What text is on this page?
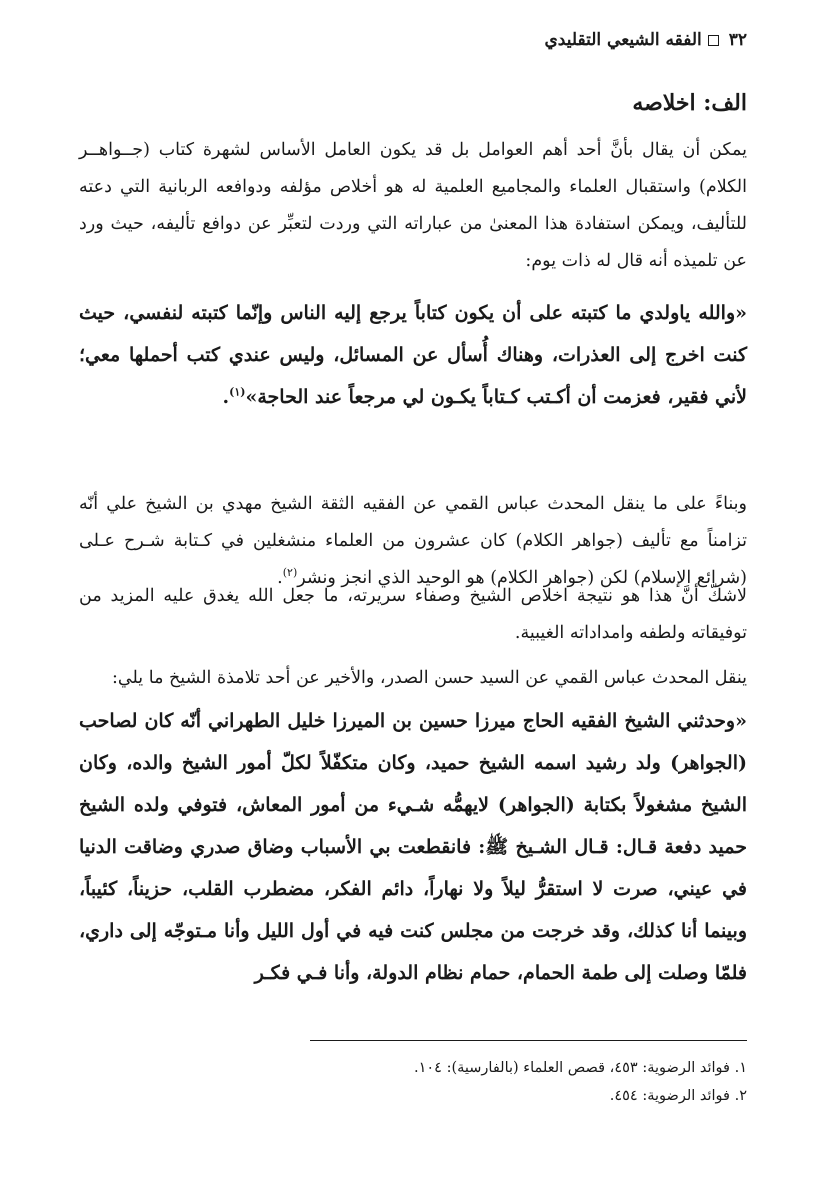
٣٢الفقه الشيعي التقليدي
الف: اخلاصه
يمكن أن يقال بأنَّ أحد أهم العوامل بل قد يكون العامل الأساس لشهرة كتاب (جــواهــر الكلام) واستقبال العلماء والمجاميع العلمية له هو أخلاص مؤلفه ودوافعه الربانية التي دعته للتأليف، ويمكن استفادة هذا المعنىٰ من عباراته التي وردت لتعبِّر عن دوافع تأليفه، حيث ورد عن تلميذه أنه قال له ذات يوم:
«والله ياولدي ما كتبته على أن يكون كتاباً يرجع إليه الناس وإنّما كتبته لنفسي، حيث كنت اخرج إلى العذرات، وهناك أُسأل عن المسائل، وليس عندي كتب أحملها معي؛ لأني فقير، فعزمت أن أكـتب كـتاباً يكـون لي مرجعاً عند الحاجة»$^{(١)}$.
وبناءً على ما ينقل المحدث عباس القمي عن الفقيه الثقة الشيخ مهدي بن الشيخ علي أنّه تزامناً مع تأليف (جواهر الكلام) كان عشرون من العلماء منشغلين في كـتابة شـرح عـلى (شرائع الإسلام) لكن (جواهر الكلام) هو الوحيد الذي انجز ونشر$^{(٢)}$.
لاشكّ أنَّ هذا هو نتيجة اخلاص الشيخ وصفاء سريرته، ما جعل الله يغدق عليه المزيد من توفيقاته ولطفه وامداداته الغيبية.
ينقل المحدث عباس القمي عن السيد حسن الصدر، والأخير عن أحد تلامذة الشيخ ما يلي:
«وحدثني الشيخ الفقيه الحاج ميرزا حسين بن الميرزا خليل الطهراني أنّه كان لصاحب (الجواهر) ولد رشيد اسمه الشيخ حميد، وكان متكفّلاً لكلّ أمور الشيخ والده، وكان الشيخ مشغولاً بكتابة (الجواهر) لايهمُّه شـيء من أمور المعاش، فتوفي ولده الشيخ حميد دفعة قـال: قـال الشـيخ ﷺ: فانقطعت بي الأسباب وضاق صدري وضاقت الدنيا في عيني، صرت لا استقرُّ ليلاً ولا نهاراً، دائم الفكر، مضطرب القلب، حزيناً، كئيباً، وبينما أنا كذلك، وقد خرجت من مجلس كنت فيه في أول الليل وأنا مـتوجّه إلى داري، فلمّا وصلت إلى طمة الحمام، حمام نظام الدولة، وأنا فـي فكـر
١. فوائد الرضوية: ٤٥٣، قصص العلماء (بالفارسية): ١٠٤.
٢. فوائد الرضوية: ٤٥٤.
